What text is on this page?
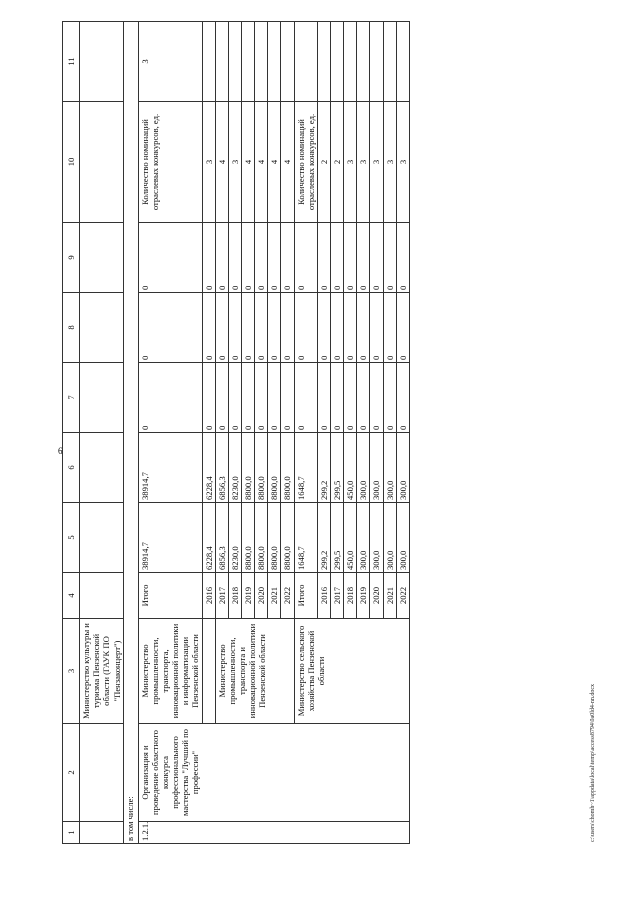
6
1	2	3	4	5	6	7	8	9	10	11
		Министерство культуры и туризма Пензенской области (ГАУК ПО "Пензаконцерт")								
в том числе:										
1.2.1.	Организация и проведение областного конкурса профессионального мастерства "Лучший по профессии"	Министерство промышленности, транспорта, инновационной политики и информатизации Пензенской области	Итого	38914,7	38914,7	0	0	0	Количество номинаций отраслевых конкурсов, ед.	3
			2016	6228,4	6228,4	0	0	0	3	
		Министерство промышленности, транспорта и инновационной политики Пензенской области	2017	6856,3	6856,3	0	0	0	4	
			2018	8230,0	8230,0	0	0	0	3	
			2019	8800,0	8800,0	0	0	0	4	
			2020	8800,0	8800,0	0	0	0	4	
			2021	8800,0	8800,0	0	0	0	4	
			2022	8800,0	8800,0	0	0	0	4	
		Министерство сельского хозяйства Пензенской области	Итого	1648,7	1648,7	0	0	0	Количество номинаций отраслевых конкурсов, ед.	
			2016	299,2	299,2	0	0	0	2	
			2017	299,5	299,5	0	0	0	2	
			2018	450,0	450,0	0	0	0	3	
			2019	300,0	300,0	0	0	0	3	
			2020	300,0	300,0	0	0	0	3	
			2021	300,0	300,0	0	0	0	3	
			2022	300,0	300,0	0	0	0	3	
c:\users\chomh~1\appdata\local\temp\access8794\0a0ld4-nn.docx
